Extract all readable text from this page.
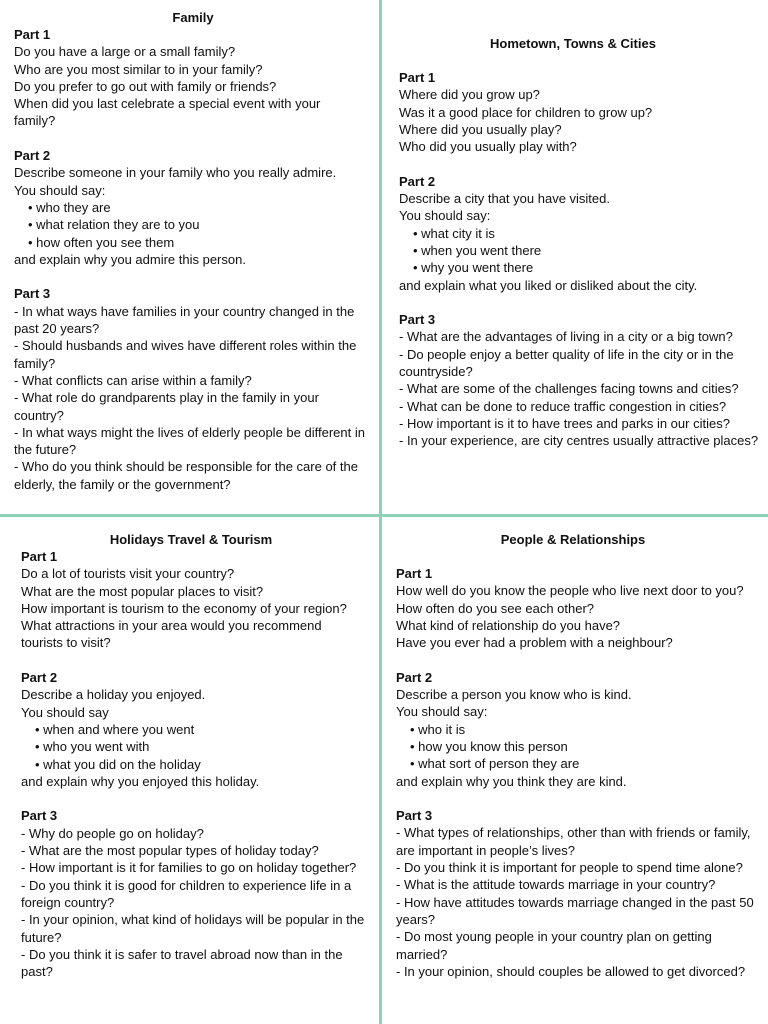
Family
Part 1
Do you have a large or a small family?
Who are you most similar to in your family?
Do you prefer to go out with family or friends?
When did you last celebrate a special event with your
family?
Part 2
Describe someone in your family who you really admire.
You should say:
• who they are
• what relation they are to you
• how often you see them
and explain why you admire this person.
Part 3
- In what ways have families in your country changed in the past 20 years?
- Should husbands and wives have different roles within the family?
- What conflicts can arise within a family?
- What role do grandparents play in the family in your country?
- In what ways might the lives of elderly people be different in the future?
- Who do you think should be responsible for the care of the elderly, the family or the government?
Hometown, Towns & Cities
Part 1
Where did you grow up?
Was it a good place for children to grow up?
Where did you usually play?
Who did you usually play with?
Part 2
Describe a city that you have visited.
You should say:
• what city it is
• when you went there
• why you went there
and explain what you liked or disliked about the city.
Part 3
- What are the advantages of living in a city or a big town?
- Do people enjoy a better quality of life in the city or in the countryside?
- What are some of the challenges facing towns and cities?
- What can be done to reduce traffic congestion in cities?
- How important is it to have trees and parks in our cities?
- In your experience, are city centres usually attractive places?
Holidays Travel & Tourism
Part 1
Do a lot of tourists visit your country?
What are the most popular places to visit?
How important is tourism to the economy of your region?
What attractions in your area would you recommend
tourists to visit?
Part 2
Describe a holiday you enjoyed.
You should say
• when and where you went
• who you went with
• what you did on the holiday
and explain why you enjoyed this holiday.
Part 3
- Why do people go on holiday?
- What are the most popular types of holiday today?
- How important is it for families to go on holiday together?
- Do you think it is good for children to experience life in a foreign country?
- In your opinion, what kind of holidays will be popular in the future?
- Do you think it is safer to travel abroad now than in the past?
People & Relationships
Part 1
How well do you know the people who live next door to you?
How often do you see each other?
What kind of relationship do you have?
Have you ever had a problem with a neighbour?
Part 2
Describe a person you know who is kind.
You should say:
• who it is
• how you know this person
• what sort of person they are
and explain why you think they are kind.
Part 3
- What types of relationships, other than with friends or family, are important in people’s lives?
- Do you think it is important for people to spend time alone?
- What is the attitude towards marriage in your country?
- How have attitudes towards marriage changed in the past 50 years?
- Do most young people in your country plan on getting married?
- In your opinion, should couples be allowed to get divorced?
